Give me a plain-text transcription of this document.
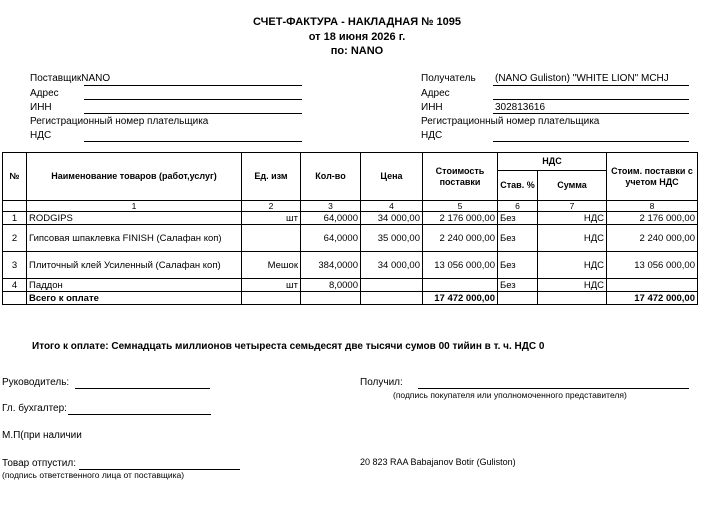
СЧЕТ-ФАКТУРА - НАКЛАДНАЯ № 1095
от 18 июня 2026 г.
по: NANO
ПоставщикNANO
Адрес
ИНН
Регистрационный номер плательщика
НДС
Получатель (NANO Guliston) "WHITE LION" MCHJ
Адрес
ИНН	302813616
Регистрационный номер плательщика
НДС
№	Наименование товаров (работ,услуг)	Ед. изм	Кол-во	Цена	Стоимость поставки	НДС		Стоим. поставки с учетом НДС
						Став. %	Сумма	
	1	2	3	4	5	6	7	8
1	RODGIPS	шт	64,0000	34 000,00	2 176 000,00	Без	НДС	2 176 000,00
2	Гипсовая шпаклевка FINISH (Салафан коп)		64,0000	35 000,00	2 240 000,00	Без	НДС	2 240 000,00
3	Плиточный клей Усиленный (Салафан коп)	Мешок	384,0000	34 000,00	13 056 000,00	Без	НДС	13 056 000,00
4	Паддон	шт	8,0000			Без	НДС	
	Всего к оплате				17 472 000,00			17 472 000,00
Итого к оплате: Семнадцать миллионов четыреста семьдесят две тысячи сумов 00 тийин в т. ч. НДС 0
Руководитель:
Гл. бухгалтер:
М.П(при наличии
Товар отпустил:
(подпись ответственного лица от поставщика)
Получил:
(подпись покупателя или уполномоченного представителя)
20 823 RAA Babajanov Botir (Guliston)
